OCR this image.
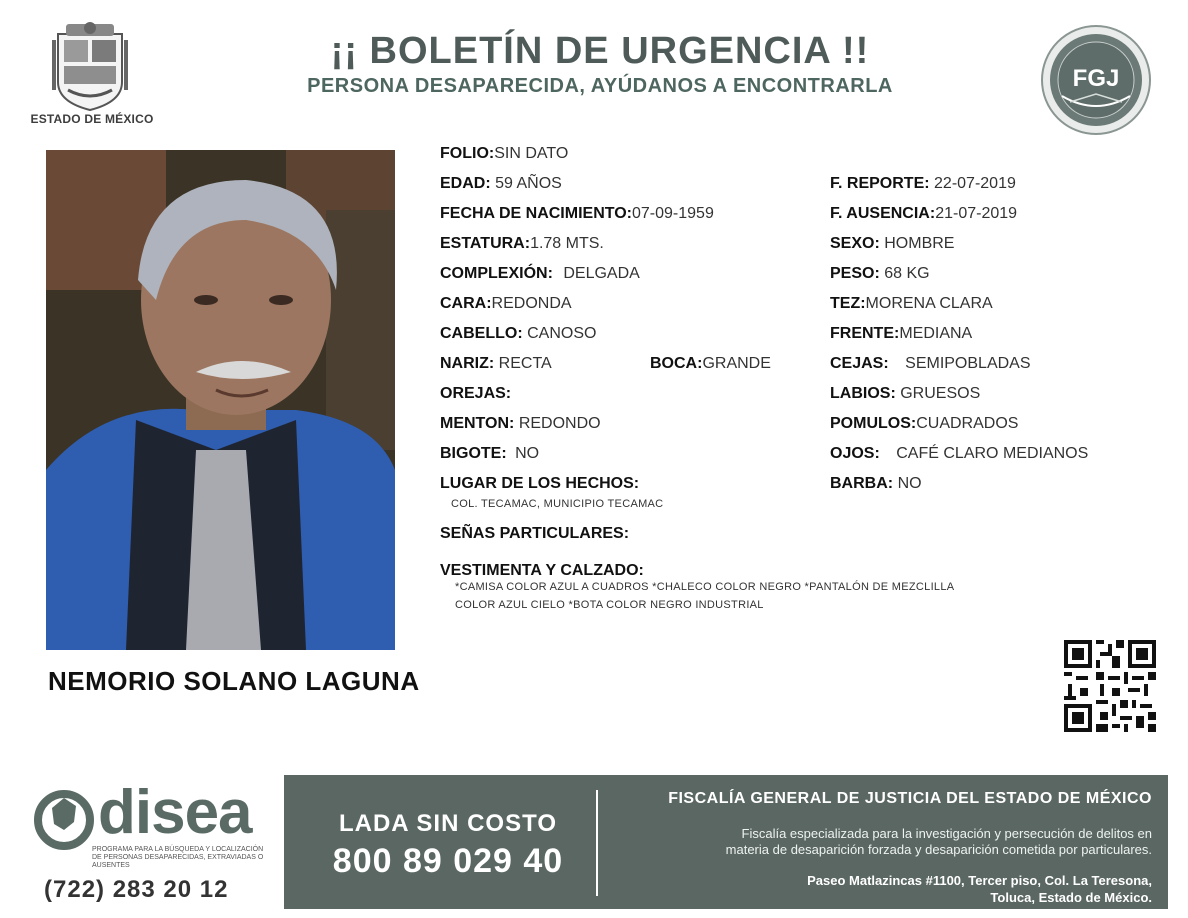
ESTADO DE MÉXICO
¡¡ BOLETÍN DE URGENCIA !!
PERSONA DESAPARECIDA, AYÚDANOS A ENCONTRARLA	FGJ
NEMORIO SOLANO LAGUNA
FOLIO:SIN DATO
EDAD: 59 AÑOS
FECHA DE NACIMIENTO:07-09-1959
ESTATURA:1.78 MTS.
COMPLEXIÓN: DELGADA
CARA:REDONDA
CABELLO: CANOSO
NARIZ: RECTA	BOCA:GRANDE
OREJAS:
MENTON: REDONDO
BIGOTE: NO
LUGAR DE LOS HECHOS:
COL. TECAMAC, MUNICIPIO TECAMAC
SEÑAS PARTICULARES:
VESTIMENTA Y CALZADO:
*CAMISA COLOR AZUL A CUADROS *CHALECO COLOR NEGRO *PANTALÓN DE MEZCLILLA
COLOR AZUL CIELO *BOTA COLOR NEGRO INDUSTRIAL
F. REPORTE: 22-07-2019
F. AUSENCIA:21-07-2019
SEXO: HOMBRE
PESO: 68 KG
TEZ:MORENA CLARA
FRENTE:MEDIANA
CEJAS: SEMIPOBLADAS
LABIOS: GRUESOS
POMULOS:CUADRADOS
OJOS: CAFÉ CLARO MEDIANOS
BARBA: NO
disea
PROGRAMA PARA LA BÚSQUEDA Y LOCALIZACIÓN DE PERSONAS DESAPARECIDAS, EXTRAVIADAS O AUSENTES
(722) 283 20 12
LADA SIN COSTO
800 89 029 40
FISCALÍA GENERAL DE JUSTICIA DEL ESTADO DE MÉXICO
Fiscalía especializada para la investigación y persecución de delitos en
materia de desaparición forzada y desaparición cometida por particulares.
Paseo Matlazincas #1100, Tercer piso, Col. La Teresona,
Toluca, Estado de México.
